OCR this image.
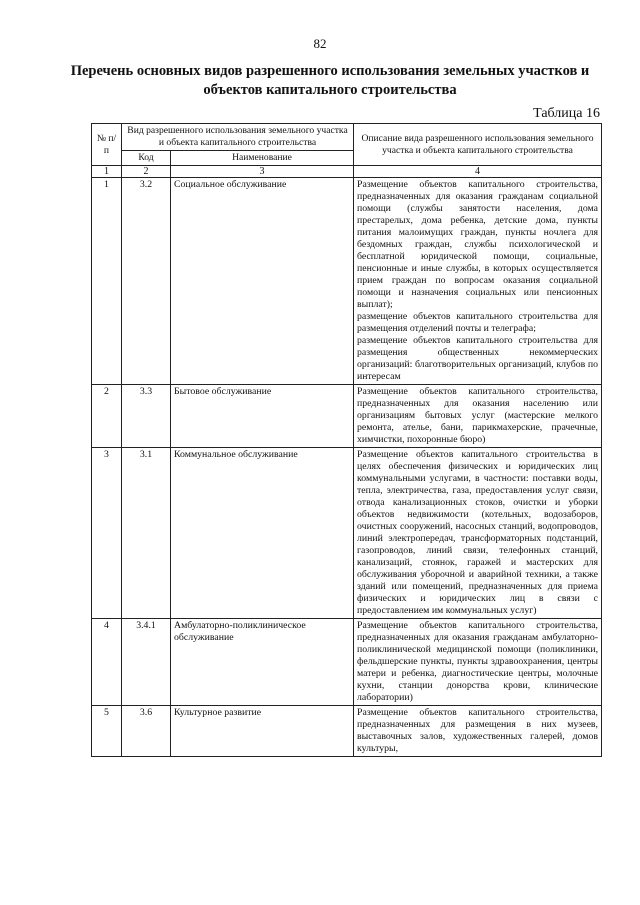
82
Перечень основных видов разрешенного использования земельных участков и объектов капитального строительства
Таблица 16
№ п/п	Вид разрешенного использования земельного участка и объекта капитального строительства		Описание вида разрешенного использования земельного участка и объекта капитального строительства
	Код	Наименование	
1	2	3	4
1	3.2	Социальное обслуживание	Размещение объектов капитального строительства, предназначенных для оказания гражданам социальной помощи (службы занятости населения, дома престарелых, дома ребенка, детские дома, пункты питания малоимущих граждан, пункты ночлега для бездомных граждан, службы психологической и бесплатной юридической помощи, социальные, пенсионные и иные службы, в которых осуществляется прием граждан по вопросам оказания социальной помощи и назначения социальных или пенсионных выплат);

размещение объектов капитального строительства для размещения отделений почты и телеграфа;

размещение объектов капитального строительства для размещения общественных некоммерческих организаций: благотворительных организаций, клубов по интересам

2	3.3	Бытовое обслуживание	Размещение объектов капитального строительства, предназначенных для оказания населению или организациям бытовых услуг (мастерские мелкого ремонта, ателье, бани, парикмахерские, прачечные, химчистки, похоронные бюро)

3	3.1	Коммунальное обслуживание	Размещение объектов капитального строительства в целях обеспечения физических и юридических лиц коммунальными услугами, в частности: поставки воды, тепла, электричества, газа, предоставления услуг связи, отвода канализационных стоков, очистки и уборки объектов недвижимости (котельных, водозаборов, очистных сооружений, насосных станций, водопроводов, линий электропередач, трансформаторных подстанций, газопроводов, линий связи, телефонных станций, канализаций, стоянок, гаражей и мастерских для обслуживания уборочной и аварийной техники, а также зданий или помещений, предназначенных для приема физических и юридических лиц в связи с предоставлением им коммунальных услуг)

4	3.4.1	Амбулаторно-поликлиническое обслуживание	Размещение объектов капитального строительства, предназначенных для оказания гражданам амбулаторно-поликлинической медицинской помощи (поликлиники, фельдшерские пункты, пункты здравоохранения, центры матери и ребенка, диагностические центры, молочные кухни, станции донорства крови, клинические лаборатории)

5	3.6	Культурное развитие	Размещение объектов капитального строительства, предназначенных для размещения в них музеев, выставочных залов, художественных галерей, домов культуры,
